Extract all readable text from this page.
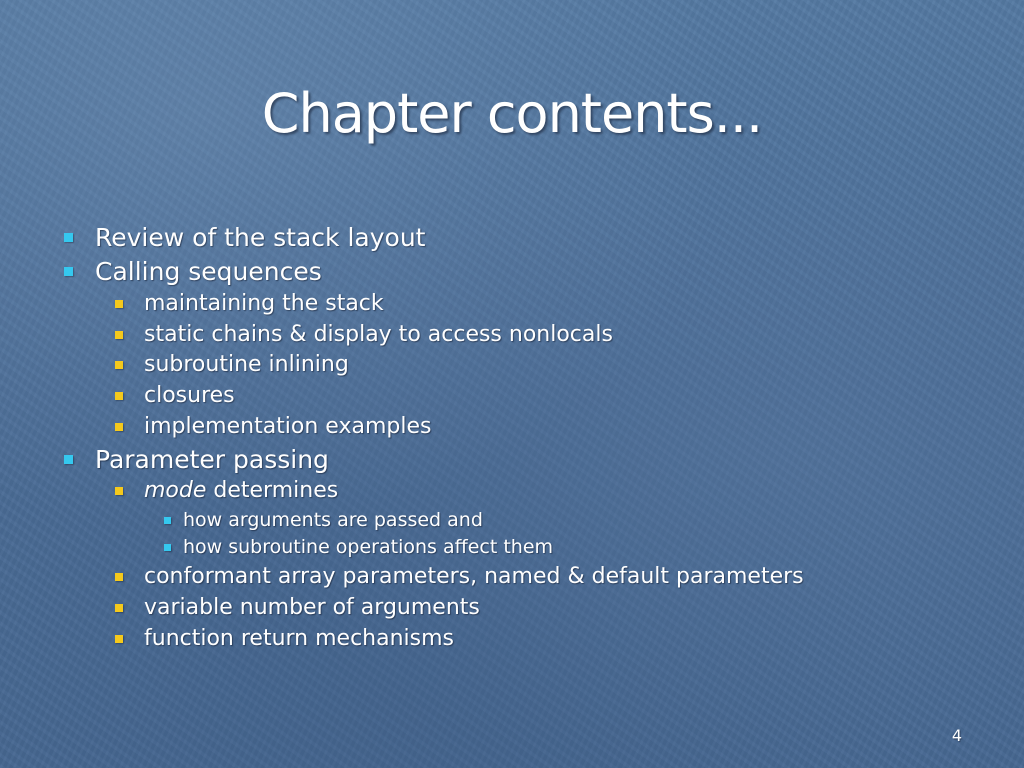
Chapter contents...
Review of the stack layout
Calling sequences
maintaining the stack
static chains & display to access nonlocals
subroutine inlining
closures
implementation examples
Parameter passing
mode determines
how arguments are passed and
how subroutine operations affect them
conformant array parameters, named & default parameters
variable number of arguments
function return mechanisms
4
